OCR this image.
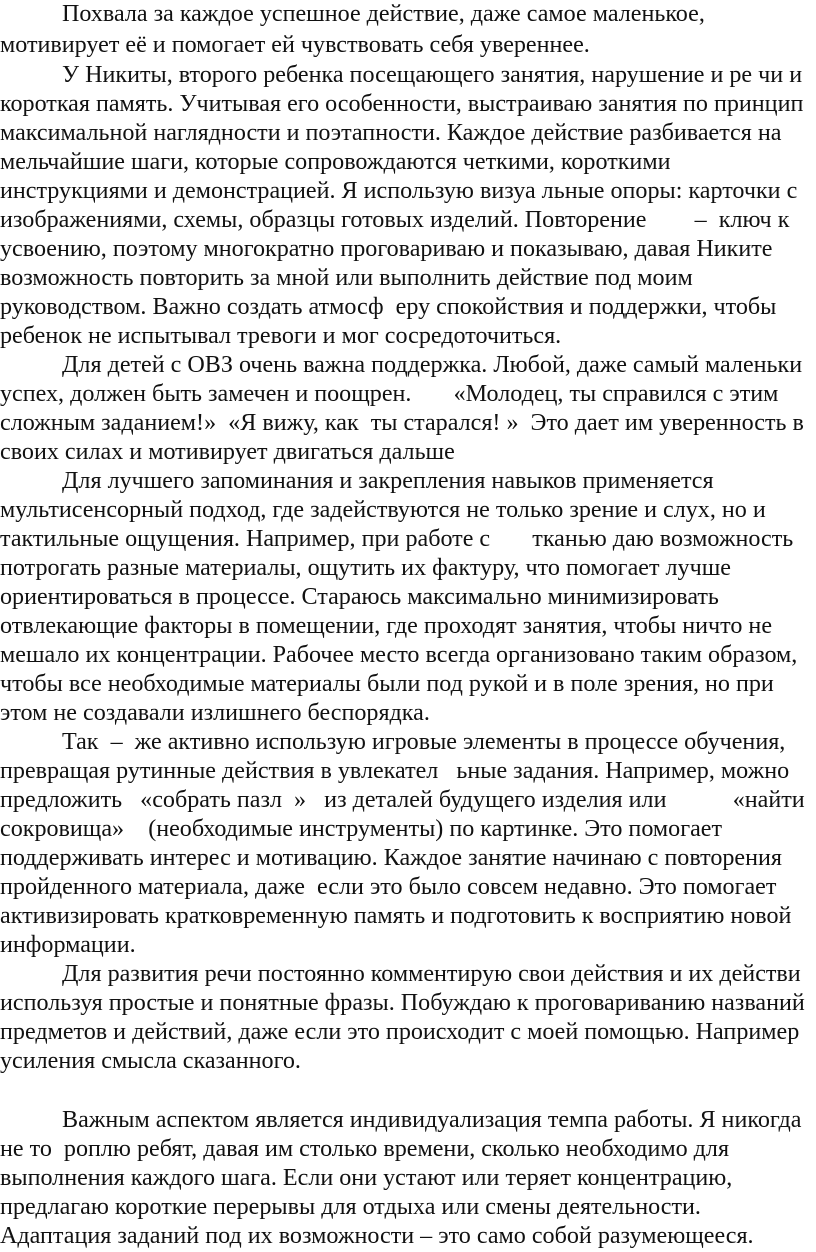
Похвала за каждое успешное действие, даже самое маленькое,
мотивирует её и помогает ей чувствовать себя увереннее.
У Никиты, второго ребенка посещающего занятия, нарушение и ре чи и
короткая память. Учитывая его особенности, выстраиваю занятия по принцип
максимальной наглядности и поэтапности. Каждое действие разбивается на
мельчайшие шаги, которые сопровождаются четкими, короткими
инструкциями и демонстрацией. Я использую визуа льные опоры: карточки с
изображениями, схемы, образцы готовых изделий. Повторение        –  ключ к
усвоению, поэтому многократно проговариваю и показываю, давая Никите
возможность повторить за мной или выполнить действие под моим
руководством. Важно создать атмосф  еру спокойствия и поддержки, чтобы
ребенок не испытывал тревоги и мог сосредоточиться.
Для детей с ОВЗ очень важна поддержка. Любой, даже самый маленьки
успех, должен быть замечен и поощрен.       «Молодец, ты справился с этим
сложным заданием!»  «Я вижу, как  ты старался! »  Это дает им уверенность в
своих силах и мотивирует двигаться дальше
Для лучшего запоминания и закрепления навыков применяется
мультисенсорный подход, где задействуются не только зрение и слух, но и
тактильные ощущения. Например, при работе с       тканью даю возможность
потрогать разные материалы, ощутить их фактуру, что помогает лучше
ориентироваться в процессе. Стараюсь максимально минимизировать
отвлекающие факторы в помещении, где проходят занятия, чтобы ничто не
мешало их концентрации. Рабочее место всегда организовано таким образом,
чтобы все необходимые материалы были под рукой и в поле зрения, но при
этом не создавали излишнего беспорядка.
Так  –  же активно использую игровые элементы в процессе обучения,
превращая рутинные действия в увлекател   ьные задания. Например, можно
предложить   «собрать пазл  »   из деталей будущего изделия или           «найти
сокровища»    (необходимые инструменты) по картинке. Это помогает
поддерживать интерес и мотивацию. Каждое занятие начинаю с повторения
пройденного материала, даже  если это было совсем недавно. Это помогает
активизировать кратковременную память и подготовить к восприятию новой
информации.
Для развития речи постоянно комментирую свои действия и их действи
используя простые и понятные фразы. Побуждаю к проговариванию названий
предметов и действий, даже если это происходит с моей помощью. Например
усиления смысла сказанного.
Важным аспектом является индивидуализация темпа работы. Я никогда
не то  роплю ребят, давая им столько времени, сколько необходимо для
выполнения каждого шага. Если они устают или теряет концентрацию,
предлагаю короткие перерывы для отдыха или смены деятельности.
Адаптация заданий под их возможности – это само собой разумеющееся.
